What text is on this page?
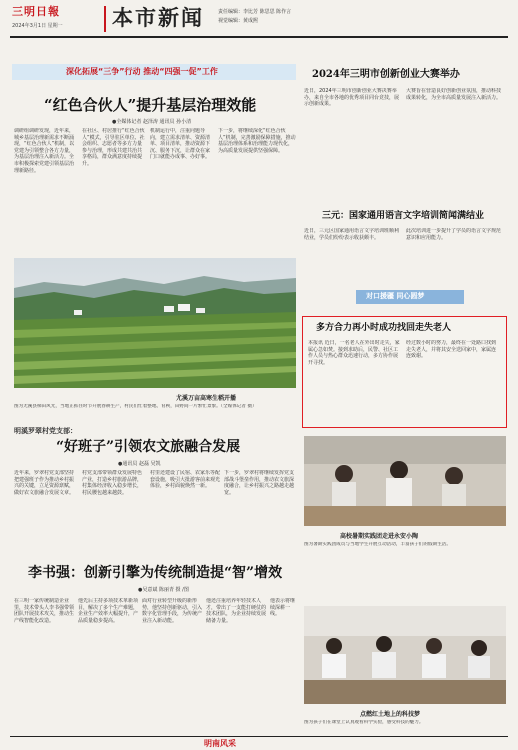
三明日報
2024年3月1日 星期一 本市新闻	责任编辑：李比芳 陈思思 陈作言
视觉编辑：黄成熙
深化拓展“三争”行动 推动“四强一促”工作
“红色合伙人”提升基层治理效能
●全媒体记者 赵泽涛 通讯员 孙小清
调研组调研发现，近年来，城乡基层治理新需求不断涌现，“红色合伙人”机制，以党建为引领整合各方力量，为基层治理注入新活力。全市积极探索党建引领基层治理新路径。
在社区、村居推行“红色合伙人”模式，引导驻区单位、社会组织、志愿者等多方力量参与治理，形成共建共治共享格局，群众满意度持续提升。
机制运行中，注重问题导向，建立需求清单、资源清单、项目清单，推动资源下沉、服务下沉，让群众在家门口就能办成事、办好事。
下一步，将继续深化“红色合伙人”机制，完善激励保障措施，推动基层治理体系和治理能力现代化，为高质量发展提供坚强保障。
尤溪万亩高寒生稻开播
图为尤溪县梯田风光，当地正抓住时节开展春耕生产，村民们忙着整地、育秧，田野间一片繁忙景象。（全媒体记者 摄）
明溪罗翠村党支部：
“好班子”引领农文旅融合发展
●通讯员 赵磊 吴凯
近年来，罗翠村党支部坚持把建强班子作为推动乡村振兴的关键，立足资源禀赋，做好农文旅融合发展文章。
村党支部带领群众发展特色产业，打造乡村旅游品牌，村集体经济收入稳步增长，村民腰包越来越鼓。
村里还建设了民宿、农家乐等配套设施，吸引大批游客前来观光体验，乡村面貌焕然一新。
下一步，罗翠村将继续发挥党支部战斗堡垒作用，推动农文旅深度融合，让乡村振兴之路越走越宽。
李书强：创新引擎为传统制造提“智”增效
●吴意斌 陈丽青 摄 /图
在三明一家传统制造企业里，技术带头人李书强带领团队开展技术攻关，推动生产线智能化改造。
他先后主持多项技术革新项目，解决了多个生产难题，企业生产效率大幅提升，产品质量稳步提高。
面对行业转型升级的新形势，他坚持创新驱动，引入数字化管理手段，为传统产业注入新动能。
他还注重培养年轻技术人才，带出了一支能打硬仗的技术团队，为企业持续发展储备力量。
他表示将继续深耕一线。
2024年三明市创新创业大赛举办
近日，2024年三明市创新创业大赛决赛举办，来自全市各地的优秀项目同台竞技，展示创新成果。
大赛旨在营造良好创新创业氛围，推动科技成果转化，为全市高质量发展注入新活力。
三元：国家通用语言文字培训简闻满结业
近日，三元区国家通用语言文字培训班顺利结业，学员们纷纷表示收获颇丰。
此次培训进一步提升了学员的语言文字规范意识和应用能力。
对口援疆 同心圆梦
多方合力再小时成功找回走失老人
本报讯 近日，一名老人在外出时走失，家属心急如焚。接到求助后，民警、社区工作人员与热心群众迅速行动，多方协作展开寻找。
经过数小时的努力，最终在一处路口找到走失老人，并将其安全送回家中，家属连连致谢。
高校暑期实践团走进永安小陶
图为暑期实践团成员与当地学生开展互动活动，丰富孩子们的假期生活。
点燃红土地上的科技梦
图为孩子们在课堂上认真观看科学实验，感受科技的魅力。
明南风采
